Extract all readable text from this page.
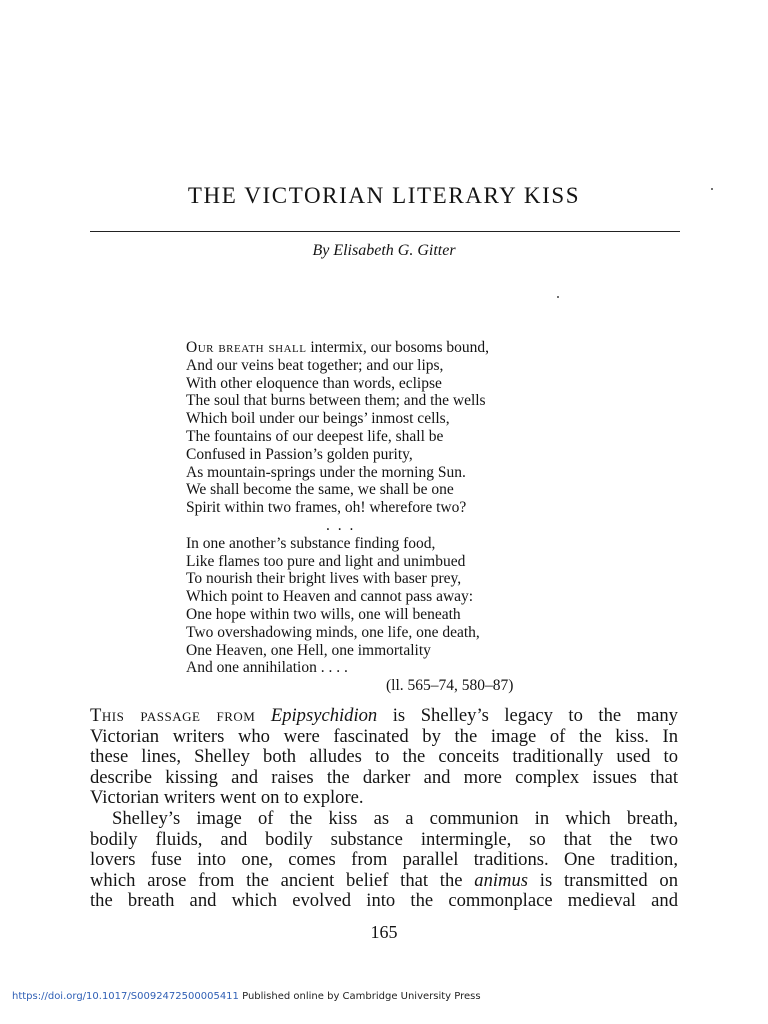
THE VICTORIAN LITERARY KISS
By Elisabeth G. Gitter
Our breath shall intermix, our bosoms bound,
And our veins beat together; and our lips,
With other eloquence than words, eclipse
The soul that burns between them; and the wells
Which boil under our beings’ inmost cells,
The fountains of our deepest life, shall be
Confused in Passion’s golden purity,
As mountain-springs under the morning Sun.
We shall become the same, we shall be one
Spirit within two frames, oh! wherefore two?
. . .
In one another’s substance finding food,
Like flames too pure and light and unimbued
To nourish their bright lives with baser prey,
Which point to Heaven and cannot pass away:
One hope within two wills, one will beneath
Two overshadowing minds, one life, one death,
One Heaven, one Hell, one immortality
And one annihilation . . . .
(ll. 565–74, 580–87)
This passage from Epipsychidion is Shelley’s legacy to the many
Victorian writers who were fascinated by the image of the kiss. In
these lines, Shelley both alludes to the conceits traditionally used to
describe kissing and raises the darker and more complex issues that
Victorian writers went on to explore.
Shelley’s image of the kiss as a communion in which breath,
bodily fluids, and bodily substance intermingle, so that the two
lovers fuse into one, comes from parallel traditions. One tradition,
which arose from the ancient belief that the animus is transmitted on
the breath and which evolved into the commonplace medieval and
165
https://doi.org/10.1017/S0092472500005411 Published online by Cambridge University Press
